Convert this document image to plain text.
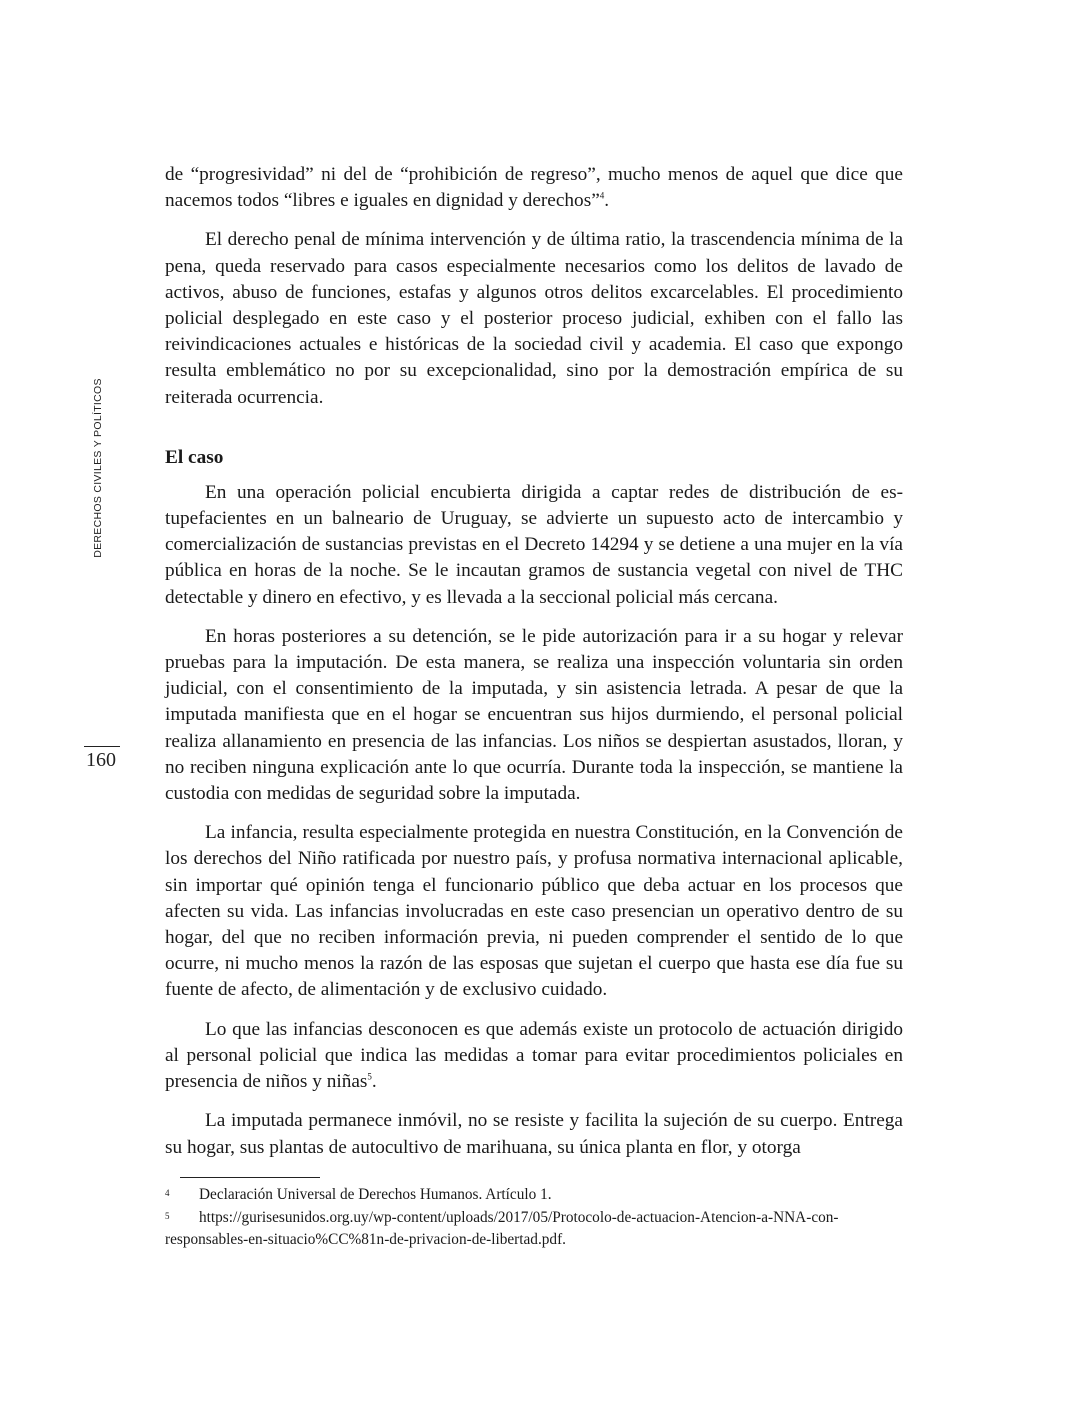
DERECHOS CIVILES Y POLÍTICOS
160

de “progresividad” ni del de “prohibición de regreso”, mucho menos de aquel que dice que nacemos todos “libres e iguales en dignidad y derechos”$^4$.

El derecho penal de mínima intervención y de última ratio, la trascendencia mínima de la pena, queda reservado para casos especialmente necesarios como los delitos de lavado de activos, abuso de funciones, estafas y algunos otros delitos excarcelables. El procedimiento policial desplegado en este caso y el posterior proceso judicial, exhiben con el fallo las reivindicaciones actuales e históricas de la sociedad civil y academia. El caso que expongo resulta emblemático no por su excepcionalidad, sino por la demostración empírica de su reiterada ocurrencia.

El caso

En una operación policial encubierta dirigida a captar redes de distribución de estupefacientes en un balneario de Uruguay, se advierte un supuesto acto de intercambio y comercialización de sustancias previstas en el Decreto 14294 y se detiene a una mujer en la vía pública en horas de la noche. Se le incautan gramos de sustancia vegetal con nivel de THC detectable y dinero en efectivo, y es llevada a la seccional policial más cercana.

En horas posteriores a su detención, se le pide autorización para ir a su hogar y relevar pruebas para la imputación. De esta manera, se realiza una inspección voluntaria sin orden judicial, con el consentimiento de la imputada, y sin asistencia letrada. A pesar de que la imputada manifiesta que en el hogar se encuentran sus hijos durmiendo, el personal policial realiza allanamiento en presencia de las infancias. Los niños se despiertan asustados, lloran, y no reciben ninguna explicación ante lo que ocurría. Durante toda la inspección, se mantiene la custodia con medidas de seguridad sobre la imputada.

La infancia, resulta especialmente protegida en nuestra Constitución, en la Convención de los derechos del Niño ratificada por nuestro país, y profusa normativa internacional aplicable, sin importar qué opinión tenga el funcionario público que deba actuar en los procesos que afecten su vida. Las infancias involucradas en este caso presencian un operativo dentro de su hogar, del que no reciben información previa, ni pueden comprender el sentido de lo que ocurre, ni mucho menos la razón de las esposas que sujetan el cuerpo que hasta ese día fue su fuente de afecto, de alimentación y de exclusivo cuidado.

Lo que las infancias desconocen es que además existe un protocolo de actuación dirigido al personal policial que indica las medidas a tomar para evitar procedimientos policiales en presencia de niños y niñas$^5$.

La imputada permanece inmóvil, no se resiste y facilita la sujeción de su cuerpo. Entrega su hogar, sus plantas de autocultivo de marihuana, su única planta en flor, y otorga

4 Declaración Universal de Derechos Humanos. Artículo 1.

5 https://gurisesunidos.org.uy/wp-content/uploads/2017/05/Protocolo-de-actuacion-Atencion-a-NNA-con-responsables-en-situacio%CC%81n-de-privacion-de-libertad.pdf.
